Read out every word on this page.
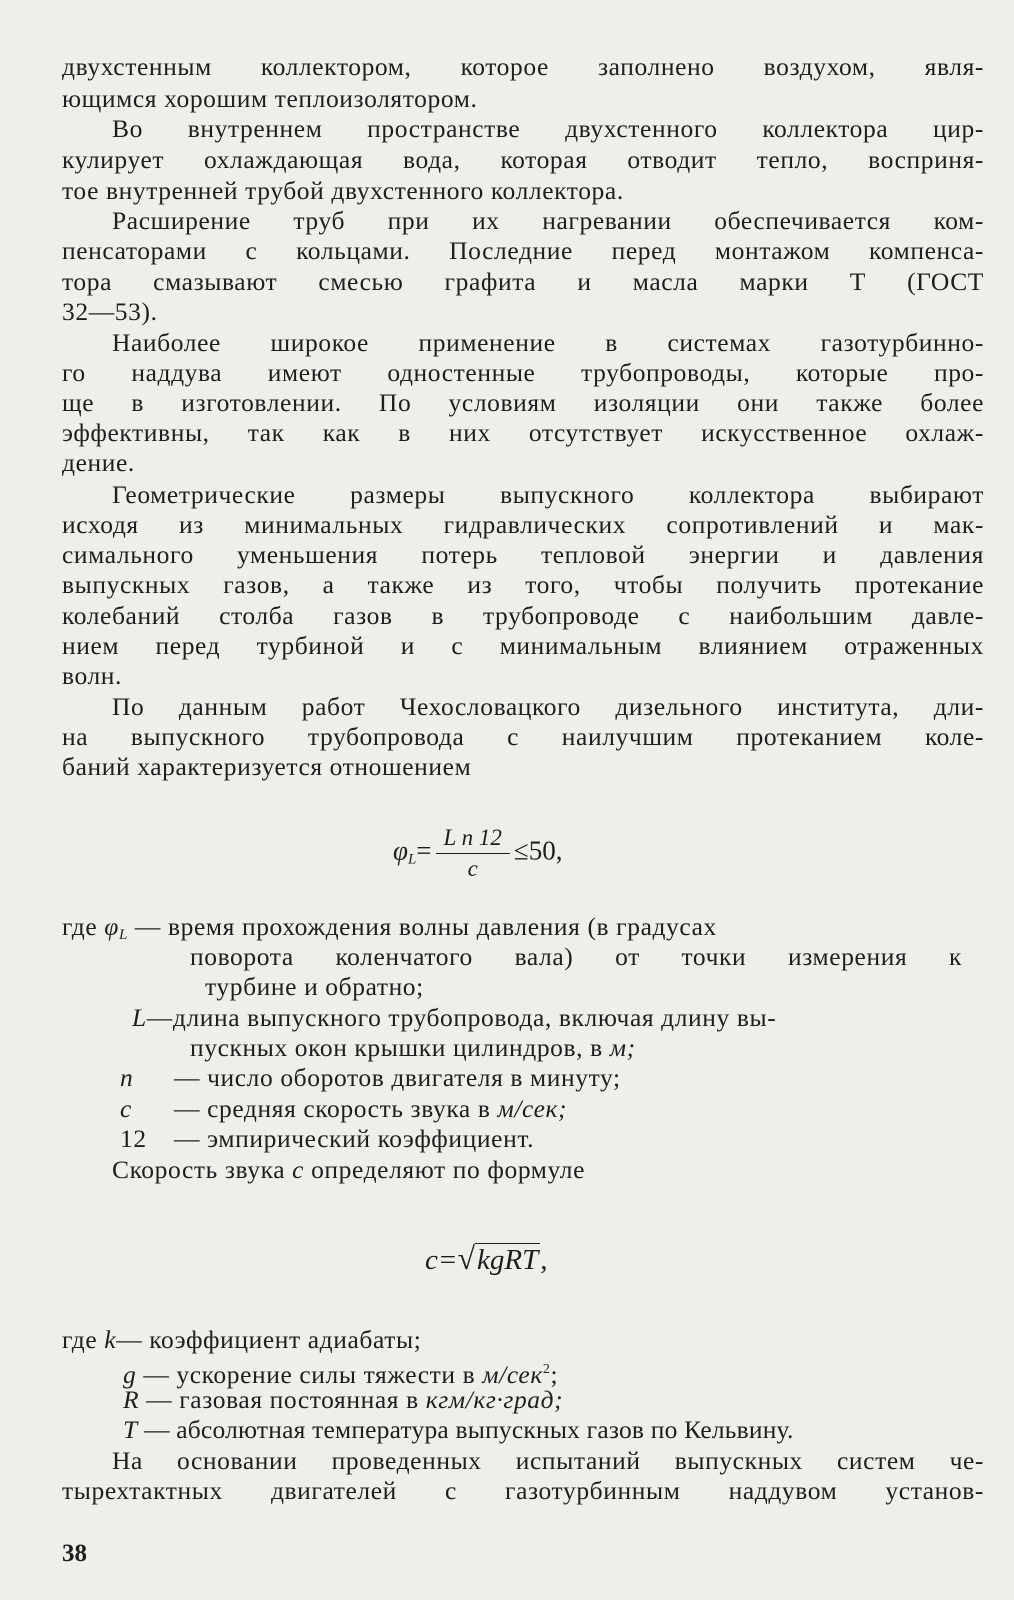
двухстенным коллектором, которое заполнено воздухом, явля-
ющимся хорошим теплоизолятором.
Во внутреннем пространстве двухстенного коллектора цир-
кулирует охлаждающая вода, которая отводит тепло, восприня-
тое внутренней трубой двухстенного коллектора.
Расширение труб при их нагревании обеспечивается ком-
пенсаторами с кольцами. Последние перед монтажом компенса-
тора смазывают смесью графита и масла марки Т (ГОСТ
32—53).
Наиболее широкое применение в системах газотурбинно-
го наддува имеют одностенные трубопроводы, которые про-
ще в изготовлении. По условиям изоляции они также более
эффективны, так как в них отсутствует искусственное охлаж-
дение.
Геометрические размеры выпускного коллектора выбирают
исходя из минимальных гидравлических сопротивлений и мак-
симального уменьшения потерь тепловой энергии и давления
выпускных газов, а также из того, чтобы получить протекание
колебаний столба газов в трубопроводе с наибольшим давле-
нием перед турбиной и с минимальным влиянием отраженных
волн.
По данным работ Чехословацкого дизельного института, дли-
на выпускного трубопровода с наилучшим протеканием коле-
баний характеризуется отношением
$\varphi_L= \frac{\text{L n 12}}{c} \le 50$,
где $\varphi_L$ — время прохождения волны давления (в градусах
поворота коленчатого вала) от точки измерения к
турбине и обратно;
L—длина выпускного трубопровода, включая длину вы-
пускных окон крышки цилиндров, в м;
n — число оборотов двигателя в минуту;
c — средняя скорость звука в м/сек;
12 — эмпирический коэффициент.
Скорость звука c определяют по формуле
c=√kgRT,
где k— коэффициент адиабаты;
g — ускорение силы тяжести в м/сек$^2$;
R — газовая постоянная в кгм/кг·град;
T — абсолютная температура выпускных газов по Кельвину.
На основании проведенных испытаний выпускных систем че-
тырехтактных двигателей с газотурбинным наддувом установ-
38
